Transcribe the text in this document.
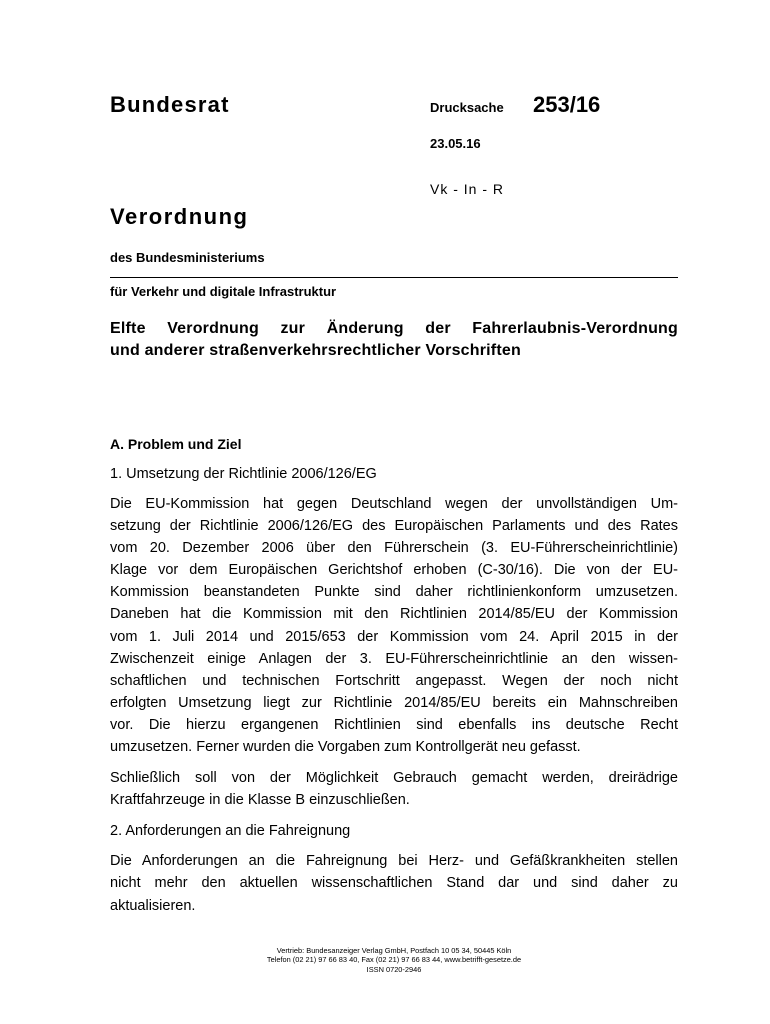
Bundesrat	Drucksache 253/16

23.05.16

Vk - In - R

Verordnung

des Bundesministeriums

für Verkehr und digitale Infrastruktur

Elfte Verordnung zur Änderung der Fahrerlaubnis-Verordnung
und anderer straßenverkehrsrechtlicher Vorschriften

A. Problem und Ziel

1. Umsetzung der Richtlinie 2006/126/EG

Die EU-Kommission hat gegen Deutschland wegen der unvollständigen Um-
setzung der Richtlinie 2006/126/EG des Europäischen Parlaments und des Rates
vom 20. Dezember 2006 über den Führerschein (3. EU-Führerscheinrichtlinie)
Klage vor dem Europäischen Gerichtshof erhoben (C-30/16). Die von der EU-
Kommission beanstandeten Punkte sind daher richtlinienkonform umzusetzen.
Daneben hat die Kommission mit den Richtlinien 2014/85/EU der Kommission
vom 1. Juli 2014 und 2015/653 der Kommission vom 24. April 2015 in der
Zwischenzeit einige Anlagen der 3. EU-Führerscheinrichtlinie an den wissen-
schaftlichen und technischen Fortschritt angepasst. Wegen der noch nicht
erfolgten Umsetzung liegt zur Richtlinie 2014/85/EU bereits ein Mahnschreiben
vor. Die hierzu ergangenen Richtlinien sind ebenfalls ins deutsche Recht
umzusetzen. Ferner wurden die Vorgaben zum Kontrollgerät neu gefasst.

Schließlich soll von der Möglichkeit Gebrauch gemacht werden, dreirädrige
Kraftfahrzeuge in die Klasse B einzuschließen.

2. Anforderungen an die Fahreignung

Die Anforderungen an die Fahreignung bei Herz- und Gefäßkrankheiten stellen
nicht mehr den aktuellen wissenschaftlichen Stand dar und sind daher zu
aktualisieren.

Vertrieb: Bundesanzeiger Verlag GmbH, Postfach 10 05 34, 50445 Köln
Telefon (02 21) 97 66 83 40, Fax (02 21) 97 66 83 44, www.betrifft-gesetze.de
ISSN 0720-2946
